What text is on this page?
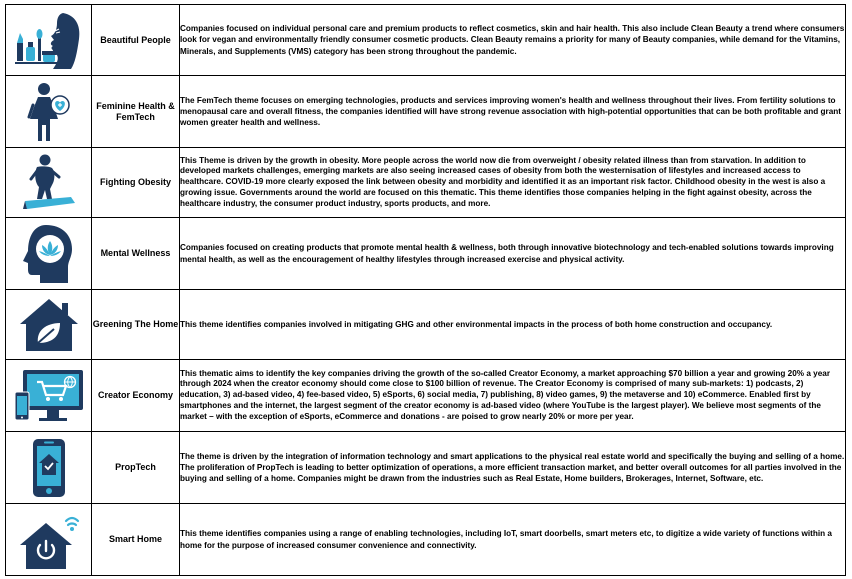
	Beautiful People	Companies focused on individual personal care and premium products to reflect cosmetics, skin and hair health. This also include Clean Beauty a trend where consumers look for vegan and environmentally friendly consumer cosmetic products. Clean Beauty remains a priority for many of Beauty companies, while demand for the Vitamins, Minerals, and Supplements (VMS) category has been strong throughout the pandemic.

	Feminine Health & FemTech	The FemTech theme focuses on emerging technologies, products and services improving women's health and wellness throughout their lives. From fertility solutions to menopausal care and overall fitness, the companies identified will have strong revenue association with high-potential opportunities that can be both profitable and grant women greater health and wellness.

	Fighting Obesity	This Theme is driven by the growth in obesity. More people across the world now die from overweight / obesity related illness than from starvation. In addition to developed markets challenges, emerging markets are also seeing increased cases of obesity from both the westernisation of lifestyles and increased access to healthcare. COVID-19 more clearly exposed the link between obesity and morbidity and identified it as an important risk factor. Childhood obesity in the west is also a growing issue. Governments around the world are focused on this thematic. This theme identifies those companies helping in the fight against obesity, across the healthcare industry, the consumer product industry, sports products, and more.

	Mental Wellness	Companies focused on creating products that promote mental health & wellness, both through innovative biotechnology and tech-enabled solutions towards improving mental health, as well as the encouragement of healthy lifestyles through increased exercise and physical activity.

	Greening The Home	This theme identifies companies involved in mitigating GHG and other environmental impacts in the process of both home construction and occupancy.

	Creator Economy	This thematic aims to identify the key companies driving the growth of the so-called Creator Economy, a market approaching $70 billion a year and growing 20% a year through 2024 when the creator economy should come close to $100 billion of revenue. The Creator Economy is comprised of many sub-markets: 1) podcasts, 2) education, 3) ad-based video, 4) fee-based video, 5) eSports, 6) social media, 7) publishing, 8) video games, 9) the metaverse and 10) eCommerce. Enabled first by smartphones and the internet, the largest segment of the creator economy is ad-based video (where YouTube is the largest player). We believe most segments of the market – with the exception of eSports, eCommerce and donations - are poised to grow nearly 20% or more per year.

	PropTech	The theme is driven by the integration of information technology and smart applications to the physical real estate world and specifically the buying and selling of a home. The proliferation of PropTech is leading to better optimization of operations, a more efficient transaction market, and better overall outcomes for all parties involved in the buying and selling of a home. Companies might be drawn from the industries such as Real Estate, Home builders, Brokerages, Internet, Software, etc.

	Smart Home	This theme identifies companies using a range of enabling technologies, including IoT, smart doorbells, smart meters etc, to digitize a wide variety of functions within a home for the purpose of increased consumer convenience and connectivity.
